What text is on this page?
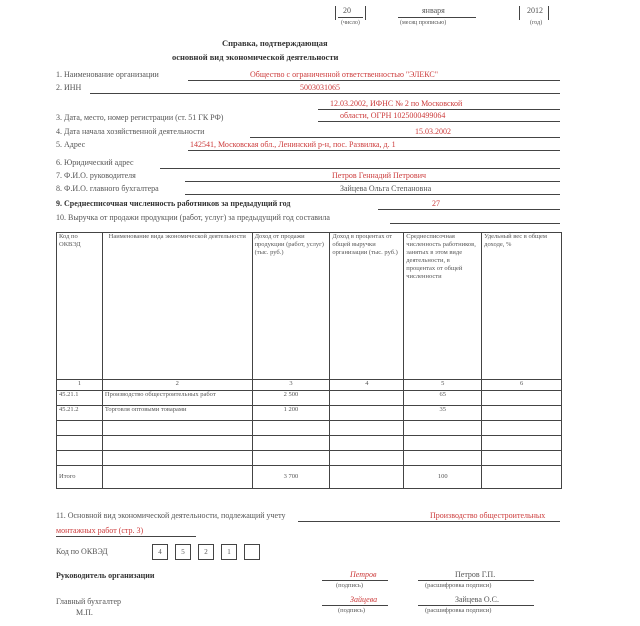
20
(число)
января
(месяц прописью)
2012
(год)
Справка, подтверждающая
основной вид экономической деятельности
1. Наименование организации	Общество с ограниченной ответственностью "ЭЛЕКС"
2. ИНН	5003031065
3. Дата, место, номер регистрации (ст. 51 ГК РФ)
12.03.2002, ИФНС № 2 по Московской
области, ОГРН 1025000499064
4. Дата начала хозяйственной деятельности	15.03.2002
5. Адрес	142541, Московская обл., Ленинский р-н, пос. Развилка, д. 1
6. Юридический адрес
7. Ф.И.О. руководителя	Петров Геннадий Петрович
8. Ф.И.О. главного бухгалтера	Зайцева Ольга Степановна
9. Среднесписочная численность работников за предыдущий год	27
10. Выручка от продажи продукции (работ, услуг) за предыдущий год составила
Код по ОКВЭД	Наименование вида экономической деятельности	Доход от продажи продукции (работ, услуг) (тыс. руб.)	Доход в процентах от общей выручки организации (тыс. руб.)	Среднесписочная численность работников, занятых в этом виде деятельности, в процентах от общей численности	Удельный вес в общем доходе, %
1	2	3	4	5	6
45.21.1	Производство общестроительных работ	2 500		65	
45.21.2	Торговля оптовыми товарами	1 200		35	

Итого		3 700		100	
11. Основной вид экономической деятельности, подлежащий учету	Производство общестроительных
монтажных работ (стр. 3)
Код по ОКВЭД	4	5	2	1
Руководитель организации	Петров
(подпись)
Петров Г.П.
(расшифровка подписи)
Главный бухгалтер
М.П.
Зайцева
(подпись)
Зайцева О.С.
(расшифровка подписи)
